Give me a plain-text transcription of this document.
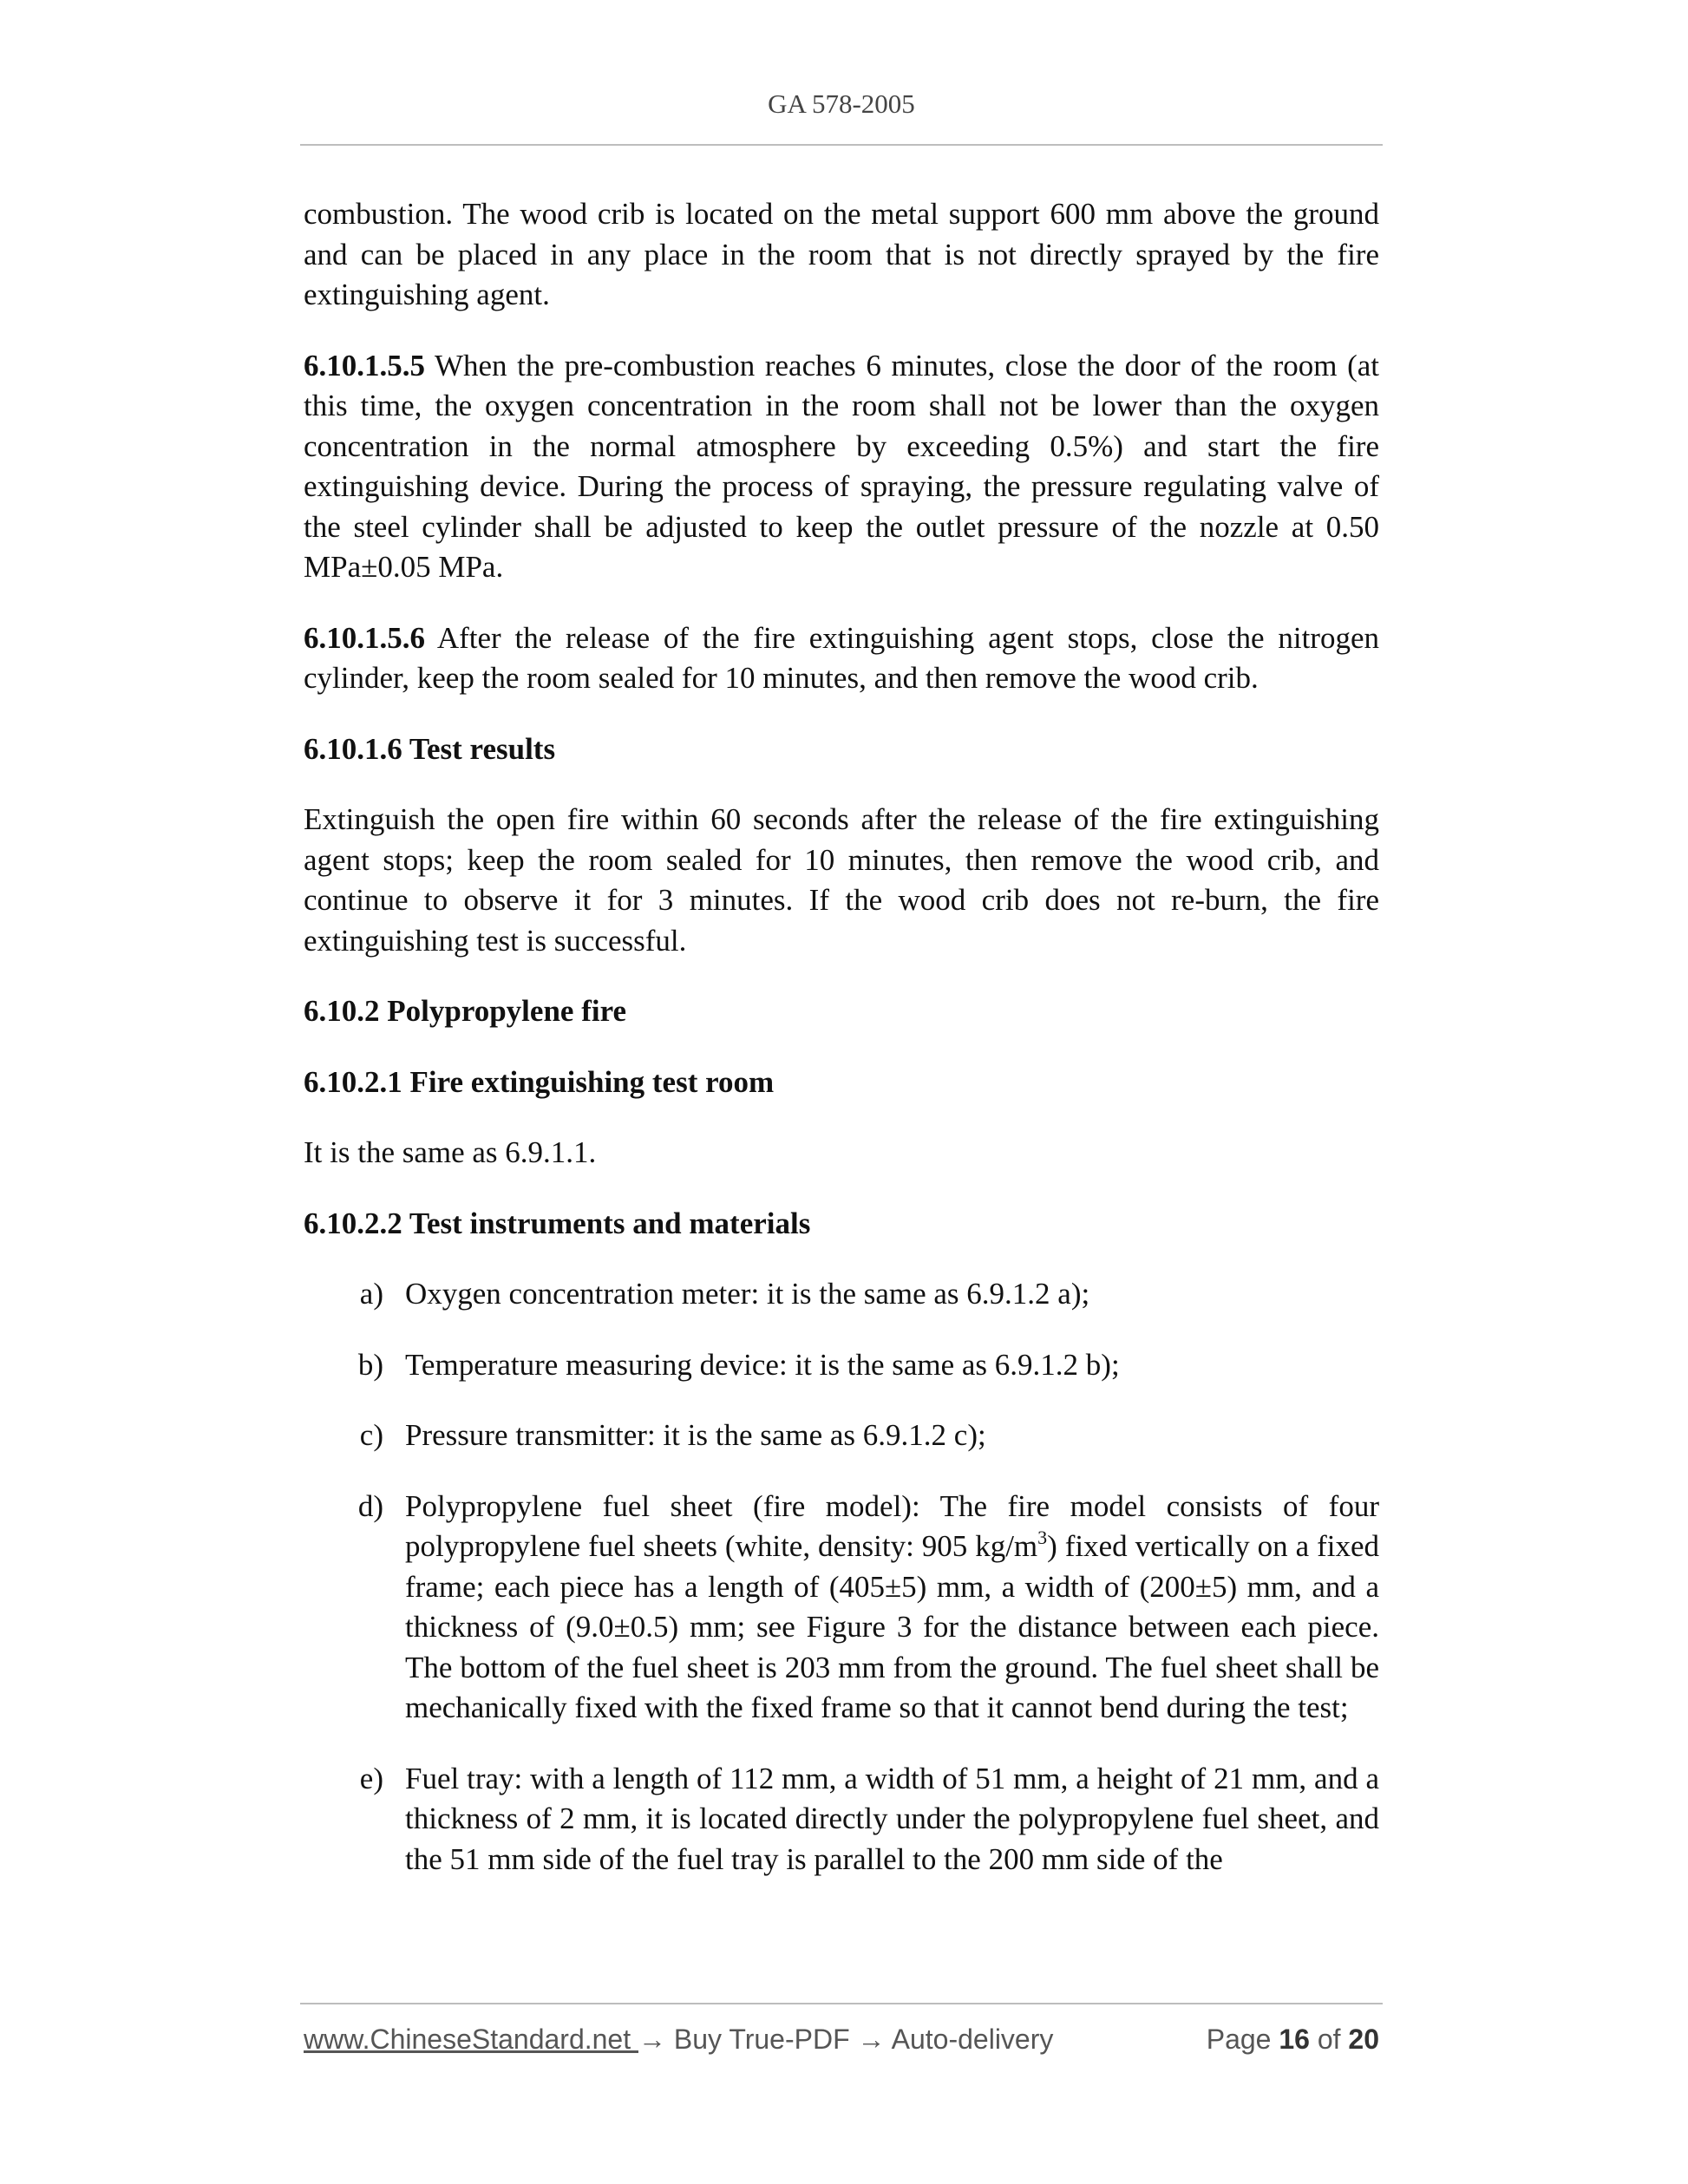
GA 578-2005

combustion. The wood crib is located on the metal support 600 mm above the ground and can be placed in any place in the room that is not directly sprayed by the fire extinguishing agent.

6.10.1.5.5 When the pre-combustion reaches 6 minutes, close the door of the room (at this time, the oxygen concentration in the room shall not be lower than the oxygen concentration in the normal atmosphere by exceeding 0.5%) and start the fire extinguishing device. During the process of spraying, the pressure regulating valve of the steel cylinder shall be adjusted to keep the outlet pressure of the nozzle at 0.50 MPa±0.05 MPa.

6.10.1.5.6 After the release of the fire extinguishing agent stops, close the nitrogen cylinder, keep the room sealed for 10 minutes, and then remove the wood crib.

6.10.1.6 Test results

Extinguish the open fire within 60 seconds after the release of the fire extinguishing agent stops; keep the room sealed for 10 minutes, then remove the wood crib, and continue to observe it for 3 minutes. If the wood crib does not re-burn, the fire extinguishing test is successful.

6.10.2 Polypropylene fire

6.10.2.1 Fire extinguishing test room

It is the same as 6.9.1.1.

6.10.2.2 Test instruments and materials

a) Oxygen concentration meter: it is the same as 6.9.1.2 a);
b) Temperature measuring device: it is the same as 6.9.1.2 b);
c) Pressure transmitter: it is the same as 6.9.1.2 c);
d) Polypropylene fuel sheet (fire model): The fire model consists of four polypropylene fuel sheets (white, density: 905 $kg/m^3$) fixed vertically on a fixed frame; each piece has a length of (405±5) mm, a width of (200±5) mm, and a thickness of (9.0±0.5) mm; see Figure 3 for the distance between each piece. The bottom of the fuel sheet is 203 mm from the ground. The fuel sheet shall be mechanically fixed with the fixed frame so that it cannot bend during the test;
e) Fuel tray: with a length of 112 mm, a width of 51 mm, a height of 21 mm, and a thickness of 2 mm, it is located directly under the polypropylene fuel sheet, and the 51 mm side of the fuel tray is parallel to the 200 mm side of the
www.ChineseStandard.net → Buy True-PDF → Auto-delivery	Page 16 of 20
